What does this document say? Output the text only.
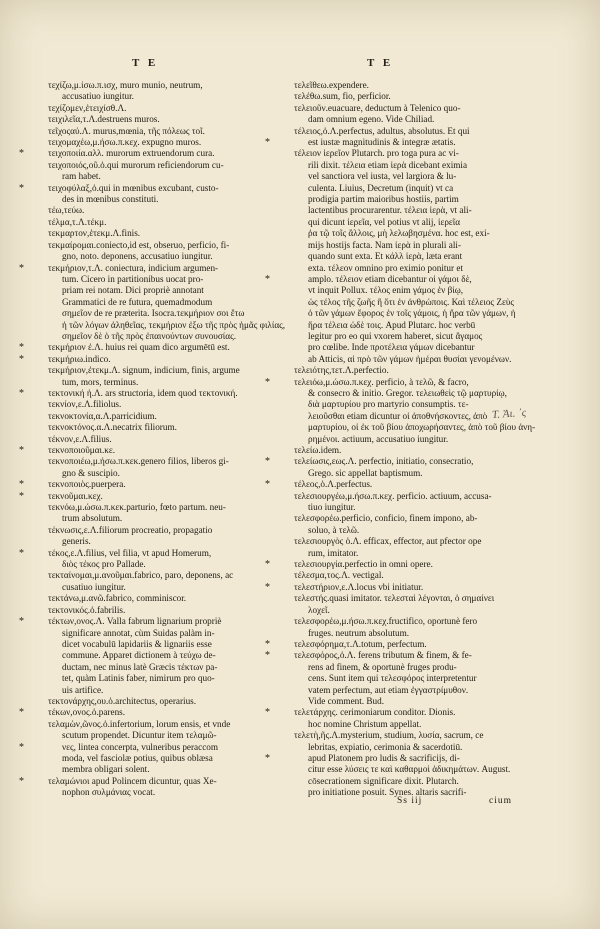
T E	T E
τεχίζω,μ.ίσω.π.ισχ, muro munio, neutrum,
accusatiuo iungitur.
τεχίζομεν,ἐτειχίσθ.Λ.
τειχιλεῖα,τ.Λ.destruens muros.
τεῖχοςαὐ.Λ. murus,mœnia, τῆς πόλεως τοῖ.
τειχομαχέω,μ.ήσω.π.κεχ. expugno muros.
*	τειχοποιία.αλλ. murorum extruendorum cura.
τειχοποιός,οῦ.ὁ.qui murorum reficiendorum cu-
ram habet.
*	τειχοφύλαξ,ὁ.qui in mœnibus excubant, custo-
des in mœnibus constituti.
τέω,τεύω.
τέλμα,τ.Λ.τέκμ.
τεκμαρτον,ἐτεκμ.Λ.finis.
τεκμαίρομαι.coniecto,id est, obseruo, perficio, fi-
gno, noto. deponens, accusatiuo iungitur.
*	τεκμήριον,τ.Λ. coniectura, indicium argumen-
tum. Cicero in partitionibus uocat pro-
priam rei notam. Dici propriè annotant
Grammatici de re futura, quemadmodum
σημεῖον de re præterita. Isocra.τεκμήριον σοι ἔτω
ἡ τῶν λόγων ἀληθεῖας, τεκμήριον ἐξω τῆς πρὸς ἡμᾶς φιλίας,
σημεῖον δὲ ὁ τῆς πρὸς ἐπαινούντων συνουσίας.
*	τεκμήριον ἐ.Λ. huius rei quam dico argumētū est.
*	τεκμήριω.indico.
τεκμήριον,ἐτεκμ.Λ. signum, indicium, finis, argume
tum, mors, terminus.
*	τεκτονική ἡ.Λ. ars structoria, idem quod τεκτονική.
τεκνίον,ε.Λ.filiolus.
τεκνοκτονία,α.Λ.parricidium.
τεκνοκτόνος.α.Λ.necatrix filiorum.
τέκνον,ε.Λ.filius.
*	τεκνοποιοῦμαι.κε.
τεκνοποιέω,μ.ήσω.π.κεκ.genero filios, liberos gi-
gno & suscipio.
*	τεκνοποιὸς.puerpera.
*	τεκνοῦμαι.κεχ.
τεκνόω,μ.ώσω.π.κεκ.parturio, fœto partum. neu-
trum absolutum.
τέκνωσις,ε.Λ.filiorum procreatio, propagatio
generis.
*	τέκος,ε.Λ.filius, vel filia, vt apud Homerum,
διὸς τέκος pro Pallade.
τεκταίνομαι,μ.ανοῦμαι.fabrico, paro, deponens, ac
cusatiuo iungitur.
τεκτάνω,μ.ανῶ.fabrico, comminiscor.
τεκτονικός.ὁ.fabrilis.
*	τέκτων,ονος.Λ. Valla fabrum lignarium propriè
significare annotat, cùm Suidas palàm in-
dicet vocabulū lapidariis & lignariis esse
commune. Apparet dictionem à τεύχω de-
ductam, nec minus latè Græcis τέκτων pa-
tet, quàm Latinis faber, nimirum pro quo-
uis artifice.
τεκτονάρχης,ου.ὁ.architectus, operarius.
*	τέκων,ονος.ὁ.parens.
τελαμὼν,ῶνος.ὁ.infertorium, lorum ensis, et vnde
scutum propendet. Dicuntur item τελαμῶ-
*	νες, lintea concerpta, vulneribus peraccom
moda, vel fasciolæ potius, quibus oblæsa
membra obligari solent.
*	τελαμώνιοι apud Polincem dicuntur, quas Xe-
nophon συλμάνιας vocat.
τελεῖθεω.expendere.
τελέθω.sum, fio, perficior.
τελειοῦν.euacuare, deductum à Telenico quo-
dam omnium egeno. Vide Chiliad.
τέλειος,ὁ.Λ.perfectus, adultus, absolutus. Et qui
*	est iustæ magnitudinis & integræ ætatis.
τέλειον ἱερεῖον Plutarch. pro toga pura ac vi-
rili dixit. τέλεια etiam ἱερὰ dicebant eximia
vel sanctiora vel iusta, vel largiora & lu-
culenta. Liuius, Decretum (inquit) vt ca
prodigia partim maioribus hostiis, partim
lactentibus procurarentur. τέλεια ἱερὰ, vt ali-
qui dicunt ἱερεῖα, vel potius vt alij, ἱερεῖα
ῥα τῷ τοῖς ἄλλοις, μὴ λελωβησμένα. hoc est, exi-
mijs hostijs facta. Nam ἱερὰ in plurali ali-
quando sunt exta. Et κάλλ ἱερὰ, læta erant
exta. τέλεον omnino pro eximio ponitur et
*	amplo. τέλειον etiam dicebantur οἱ γάμοι δὲ,
vt inquit Pollux. τέλος enim γάμος ἐν βίῳ,
ὡς τέλος τῆς ζωῆς ἢ ὅτι ἐν ἀνθρώποις. Καὶ τέλειος Ζεὺς
ὁ τῶν γάμων ἔφορος ἐν τοῖς γάμοις, ἡ ἥρα τῶν γάμων, ἡ
ἥρα τέλεια ὡδὲ τοις. Apud Plutarc. hoc verbū
legitur pro eo qui vxorem haberet, sicut ἄγαμος
pro cœlibe. Inde προτέλεια γάμων dicebantur
ab Atticis, αἱ πρὸ τῶν γάμων ἡμέραι θυσίαι γενομένων.
τελειότης,τετ.Λ.perfectio.
*	τελειόω,μ.ώσω.π.κεχ. perficio, à τελῶ, & facro,
& consecro & initio. Gregor. τελειωθεὶς τῷ μαρτυρίῳ,
διὰ μαρτυρίου pro martyrio consumptis. τε-
λειοῦσθαι etiam dicuntur οἱ ἀποθνήσκοντες, ἀπὸ
μαρτυρίου, οἱ ἐκ τοῦ βίου ἀποχωρήσαντες, ἀπὸ τοῦ βίου ἀνη-
ρημένοι. actiuum, accusatiuo iungitur.
τελείω.idem.
*	τελείωσις,εως.Λ. perfectio, initiatio, consecratio,
Grego. sic appellat baptismum.
*	τέλεος,ὁ.Λ.perfectus.
τελεσιουργέω,μ.ήσω.π.κεχ. perficio. actiuum, accusa-
tiuo iungitur.
τελεσφορέω.perficio, conficio, finem impono, ab-
soluo, à τελῶ.
τελεσιουργὸς ὁ.Λ. efficax, effector, aut pfector ope
rum, imitator.
*	τελεσιουργία.perfectio in omni opere.
τέλεσμα,τος.Λ. vectigal.
*	τελεστήριον,ε.Λ.locus vbi initiatur.
τελεστής.quasi imitator. τελεσταὶ λέγονται, ὁ σημαίνει
λοχεῖ.
τελεσφορέω,μ.ήσω.π.κεχ.fructifico, oportunè fero
fruges. neutrum absolutum.
*	τελεσφόρημα,τ.Λ.totum, perfectum.
*	τελεσφόρος,ὁ.Λ. ferens tributum & finem, & fe-
rens ad finem, & oportunè fruges produ-
cens. Sunt item qui τελεσφόρος interpretentur
vatem perfectum, aut etiam ἐγγαστρίμυθον.
Vide comment. Bud.
*	τελετάρχης. cerimoniarum conditor. Dionis.
hoc nomine Christum appellat.
τελετὴ,ῆς.Λ.mysterium, studium, λυσία, sacrum, ce
lebritas, expiatio, cerimonia & sacerdotiū.
*	apud Platonem pro ludis & sacrificijs, di-
citur esse λύσεις τε καὶ καθαρμοὶ ἀδικημάτων. August.
cōsecrationem significare dixit. Plutarch.
pro initiatione posuit. Synes. altaris sacrifi-
Ss iij	cium
Τ. Ἀι. ᾽ς
